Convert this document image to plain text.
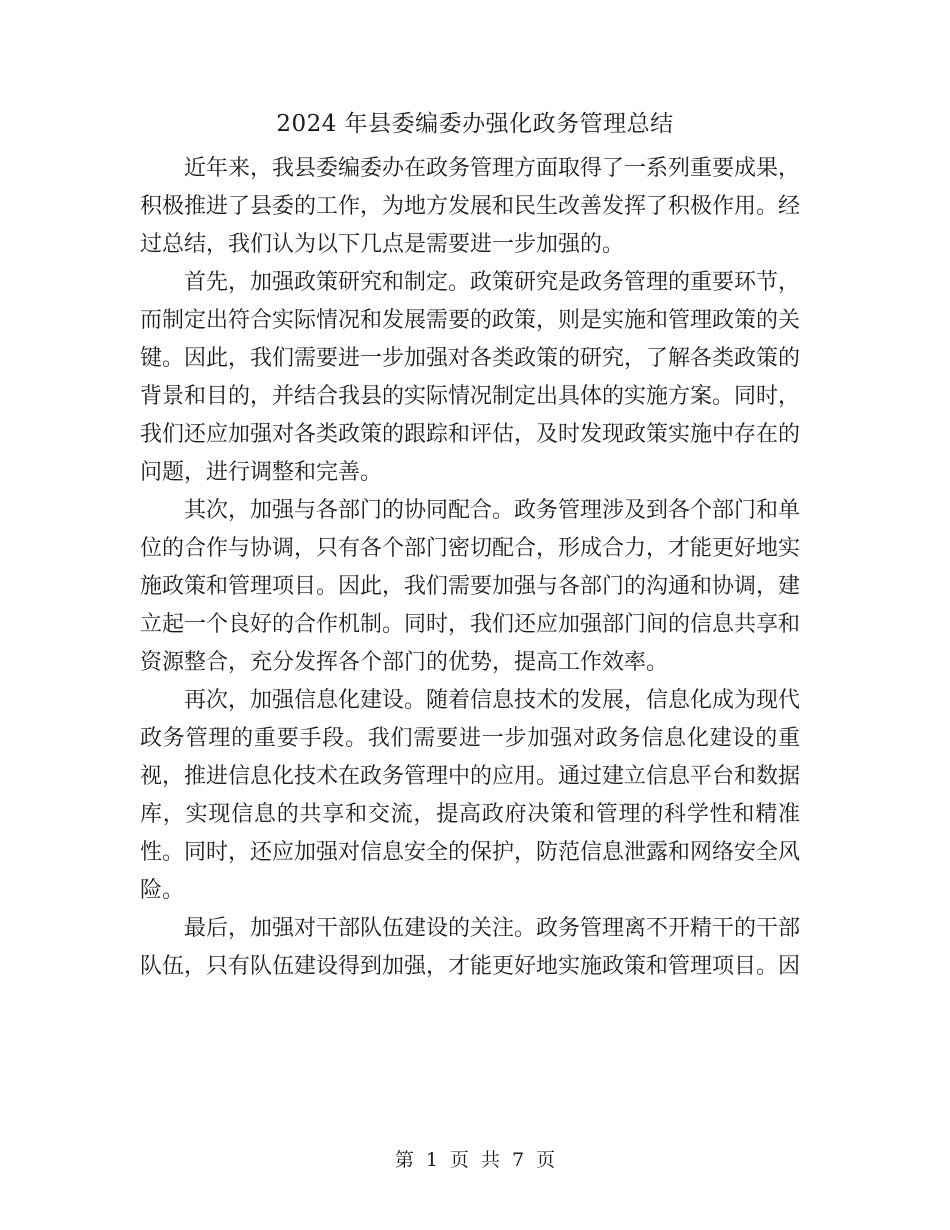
2024 年县委编委办强化政务管理总结

近年来，我县委编委办在政务管理方面取得了一系列重要成果，积极推进了县委的工作，为地方发展和民生改善发挥了积极作用。经过总结，我们认为以下几点是需要进一步加强的。

首先，加强政策研究和制定。政策研究是政务管理的重要环节，而制定出符合实际情况和发展需要的政策，则是实施和管理政策的关键。因此，我们需要进一步加强对各类政策的研究，了解各类政策的背景和目的，并结合我县的实际情况制定出具体的实施方案。同时，我们还应加强对各类政策的跟踪和评估，及时发现政策实施中存在的问题，进行调整和完善。

其次，加强与各部门的协同配合。政务管理涉及到各个部门和单位的合作与协调，只有各个部门密切配合，形成合力，才能更好地实施政策和管理项目。因此，我们需要加强与各部门的沟通和协调，建立起一个良好的合作机制。同时，我们还应加强部门间的信息共享和资源整合，充分发挥各个部门的优势，提高工作效率。

再次，加强信息化建设。随着信息技术的发展，信息化成为现代政务管理的重要手段。我们需要进一步加强对政务信息化建设的重视，推进信息化技术在政务管理中的应用。通过建立信息平台和数据库，实现信息的共享和交流，提高政府决策和管理的科学性和精准性。同时，还应加强对信息安全的保护，防范信息泄露和网络安全风险。

最后，加强对干部队伍建设的关注。政务管理离不开精干的干部队伍，只有队伍建设得到加强，才能更好地实施政策和管理项目。因

第 1 页 共 7 页
